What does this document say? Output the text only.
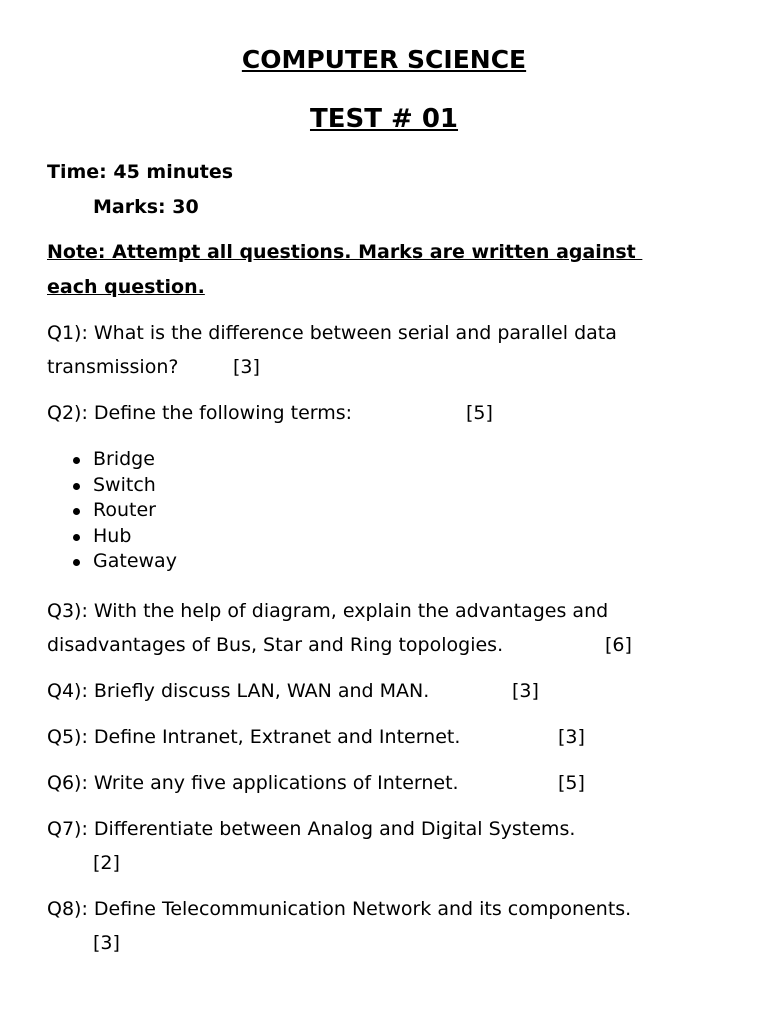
COMPUTER SCIENCE
TEST # 01
Time: 45 minutes
Marks: 30
Note: Attempt all questions. Marks are written against
each question.
Q1): What is the difference between serial and parallel data
transmission?	[3]
Q2): Define the following terms:	[5]
Bridge
Switch
Router
Hub
Gateway
Q3): With the help of diagram, explain the advantages and
disadvantages of Bus, Star and Ring topologies.	[6]
Q4): Briefly discuss LAN, WAN and MAN.	[3]
Q5): Define Intranet, Extranet and Internet.	[3]
Q6): Write any five applications of Internet.	[5]
Q7): Differentiate between Analog and Digital Systems.
[2]
Q8): Define Telecommunication Network and its components.
[3]
